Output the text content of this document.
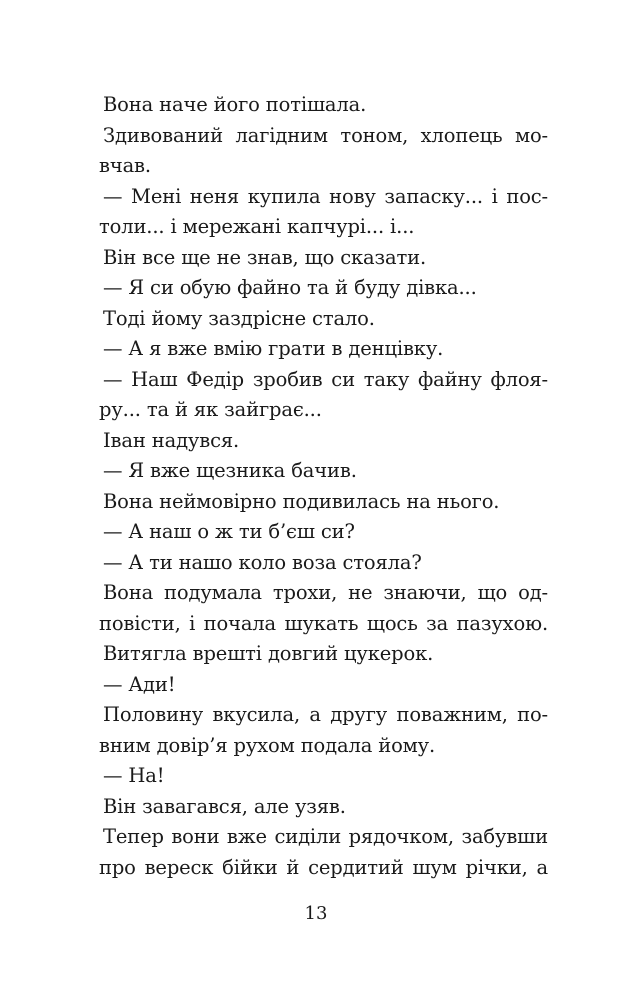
Вона наче його потішала.
Здивований лагідним тоном, хлопець мо-
вчав.
— Мені неня купила нову запаску... і пос-
толи... і мережані капчурі... і...
Він все ще не знав, що сказати.
— Я си обую файно та й буду дівка...
Тоді йому заздрісне стало.
— А я вже вмію грати в денцівку.
— Наш Федір зробив си таку файну флоя-
ру... та й як зайграє...
Іван надувся.
— Я вже щезника бачив.
Вона неймовірно подивилась на нього.
— А наш о ж ти б’єш си?
— А ти нашо коло воза стояла?
Вона подумала трохи, не знаючи, що од-
повісти, і почала шукать щось за пазухою.
Витягла врешті довгий цукерок.
— Ади!
Половину вкусила, а другу поважним, по-
вним довір’я рухом подала йому.
— На!
Він завагався, але узяв.
Тепер вони вже сиділи рядочком, забувши
про вереск бійки й сердитий шум річки, а
13
